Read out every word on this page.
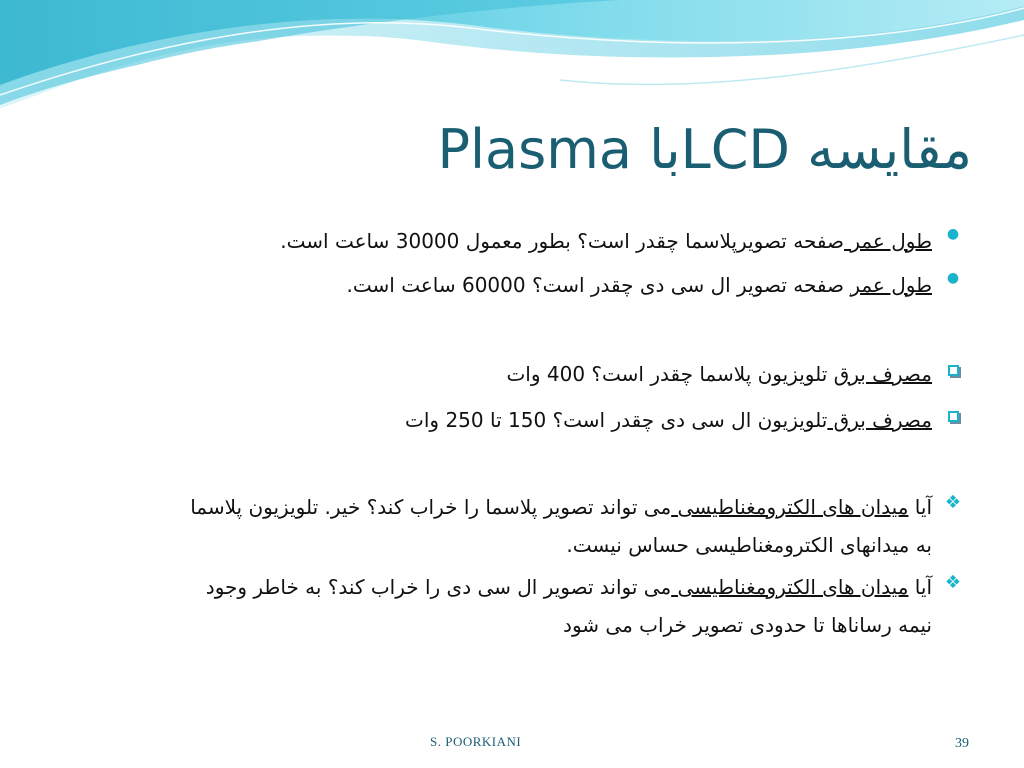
مقایسه LCDبا Plasma
●
طول عمر صفحه تصویرپلاسما چقدر است؟ بطور معمول 30000 ساعت است.
●
طول عمر صفحه تصویر ال سی دی چقدر است؟ 60000 ساعت است.
مصرف برق تلویزیون پلاسما چقدر است؟ 400 وات
مصرف برق تلویزیون ال سی دی چقدر است؟ 150 تا 250 وات
❖
آیا میدان های الکترومغناطیسی می تواند تصویر پلاسما را خراب کند؟ خیر. تلویزیون پلاسما
به میدانهای الکترومغناطیسی حساس نیست.
❖
آیا میدان های الکترومغناطیسی می تواند تصویر ال سی دی را خراب کند؟ به خاطر وجود
نیمه رساناها تا حدودی تصویر خراب می شود
S. POORKIANI	39
